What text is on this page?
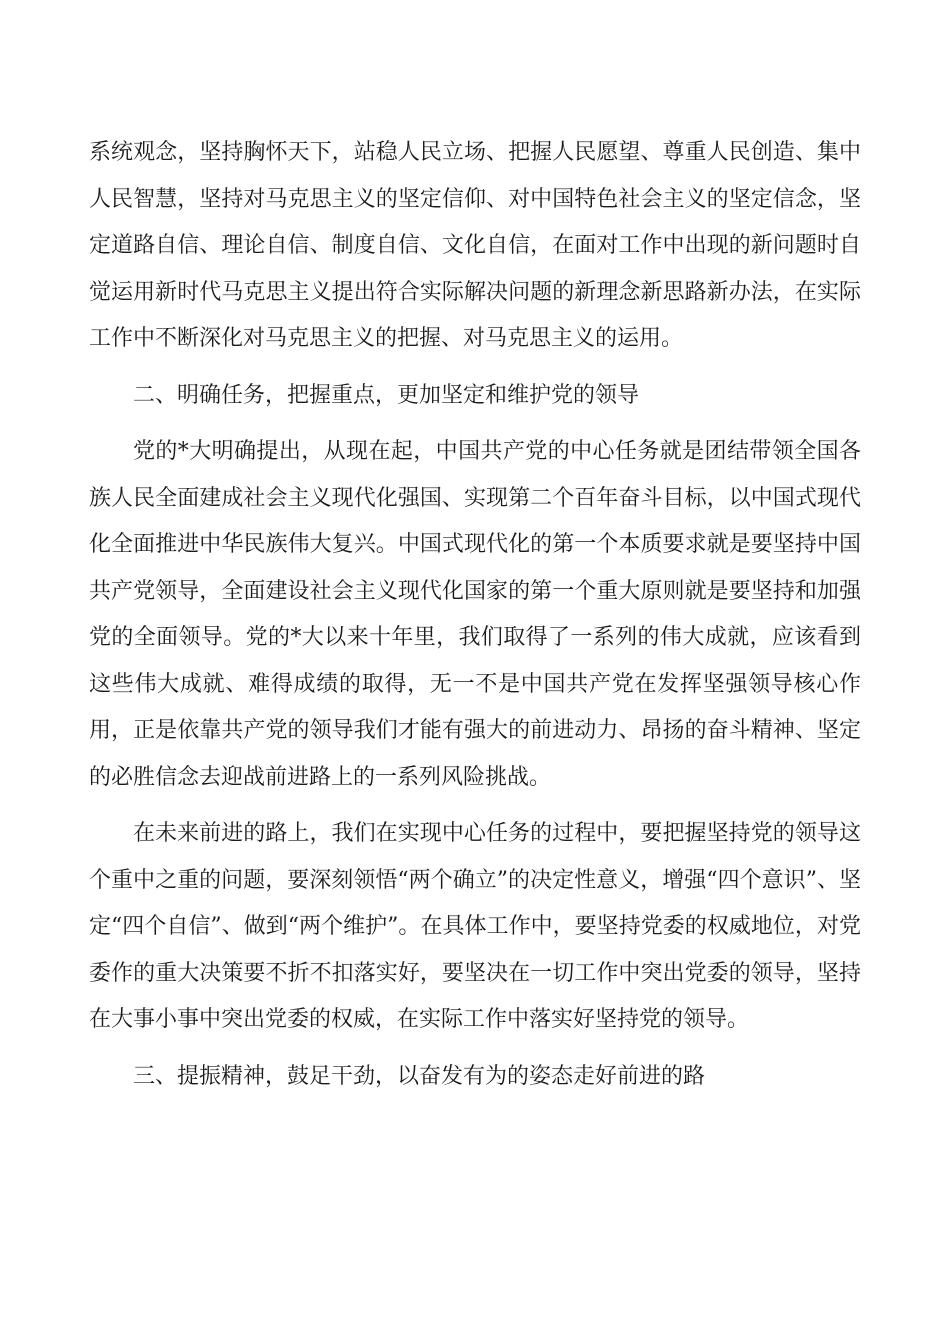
系统观念，坚持胸怀天下，站稳人民立场、把握人民愿望、尊重人民创造、集中人民智慧，坚持对马克思主义的坚定信仰、对中国特色社会主义的坚定信念，坚定道路自信、理论自信、制度自信、文化自信，在面对工作中出现的新问题时自觉运用新时代马克思主义提出符合实际解决问题的新理念新思路新办法，在实际工作中不断深化对马克思主义的把握、对马克思主义的运用。

二、明确任务，把握重点，更加坚定和维护党的领导

党的*大明确提出，从现在起，中国共产党的中心任务就是团结带领全国各族人民全面建成社会主义现代化强国、实现第二个百年奋斗目标，以中国式现代化全面推进中华民族伟大复兴。中国式现代化的第一个本质要求就是要坚持中国共产党领导，全面建设社会主义现代化国家的第一个重大原则就是要坚持和加强党的全面领导。党的*大以来十年里，我们取得了一系列的伟大成就，应该看到这些伟大成就、难得成绩的取得，无一不是中国共产党在发挥坚强领导核心作用，正是依靠共产党的领导我们才能有强大的前进动力、昂扬的奋斗精神、坚定的必胜信念去迎战前进路上的一系列风险挑战。

在未来前进的路上，我们在实现中心任务的过程中，要把握坚持党的领导这个重中之重的问题，要深刻领悟“两个确立”的决定性意义，增强“四个意识”、坚定“四个自信”、做到“两个维护”。在具体工作中，要坚持党委的权威地位，对党委作的重大决策要不折不扣落实好，要坚决在一切工作中突出党委的领导，坚持在大事小事中突出党委的权威，在实际工作中落实好坚持党的领导。

三、提振精神，鼓足干劲，以奋发有为的姿态走好前进的路
